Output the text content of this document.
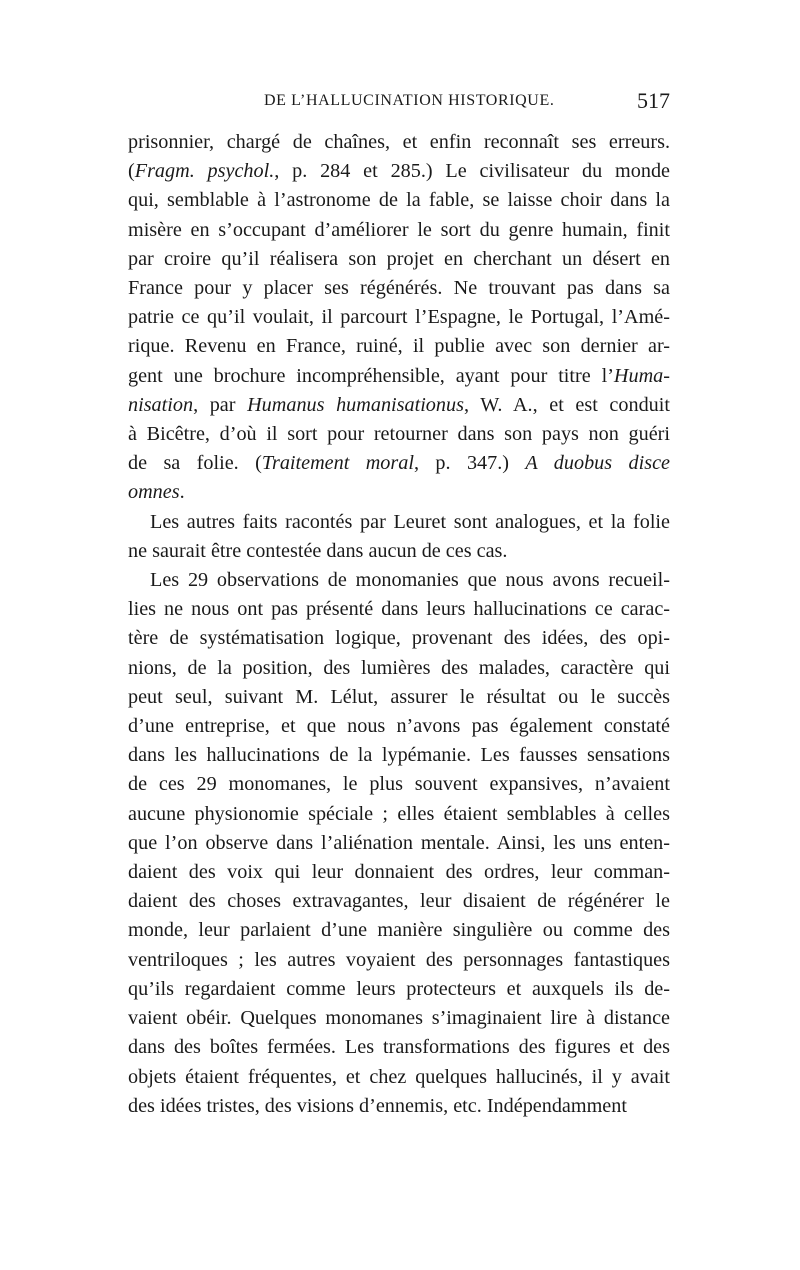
DE L’HALLUCINATION HISTORIQUE.	517
prisonnier, chargé de chaînes, et enfin reconnaît ses erreurs.
(Fragm. psychol., p. 284 et 285.) Le civilisateur du monde
qui, semblable à l’astronome de la fable, se laisse choir dans la
misère en s’occupant d’améliorer le sort du genre humain, finit
par croire qu’il réalisera son projet en cherchant un désert en
France pour y placer ses régénérés. Ne trouvant pas dans sa
patrie ce qu’il voulait, il parcourt l’Espagne, le Portugal, l’Amé-
rique. Revenu en France, ruiné, il publie avec son dernier ar-
gent une brochure incompréhensible, ayant pour titre l’Huma-
nisation, par Humanus humanisationus, W. A., et est conduit
à Bicêtre, d’où il sort pour retourner dans son pays non guéri
de sa folie. (Traitement moral, p. 347.) A duobus disce
omnes.
Les autres faits racontés par Leuret sont analogues, et la folie
ne saurait être contestée dans aucun de ces cas.
Les 29 observations de monomanies que nous avons recueil-
lies ne nous ont pas présenté dans leurs hallucinations ce carac-
tère de systématisation logique, provenant des idées, des opi-
nions, de la position, des lumières des malades, caractère qui
peut seul, suivant M. Lélut, assurer le résultat ou le succès
d’une entreprise, et que nous n’avons pas également constaté
dans les hallucinations de la lypémanie. Les fausses sensations
de ces 29 monomanes, le plus souvent expansives, n’avaient
aucune physionomie spéciale ; elles étaient semblables à celles
que l’on observe dans l’aliénation mentale. Ainsi, les uns enten-
daient des voix qui leur donnaient des ordres, leur comman-
daient des choses extravagantes, leur disaient de régénérer le
monde, leur parlaient d’une manière singulière ou comme des
ventriloques ; les autres voyaient des personnages fantastiques
qu’ils regardaient comme leurs protecteurs et auxquels ils de-
vaient obéir. Quelques monomanes s’imaginaient lire à distance
dans des boîtes fermées. Les transformations des figures et des
objets étaient fréquentes, et chez quelques hallucinés, il y avait
des idées tristes, des visions d’ennemis, etc. Indépendamment
